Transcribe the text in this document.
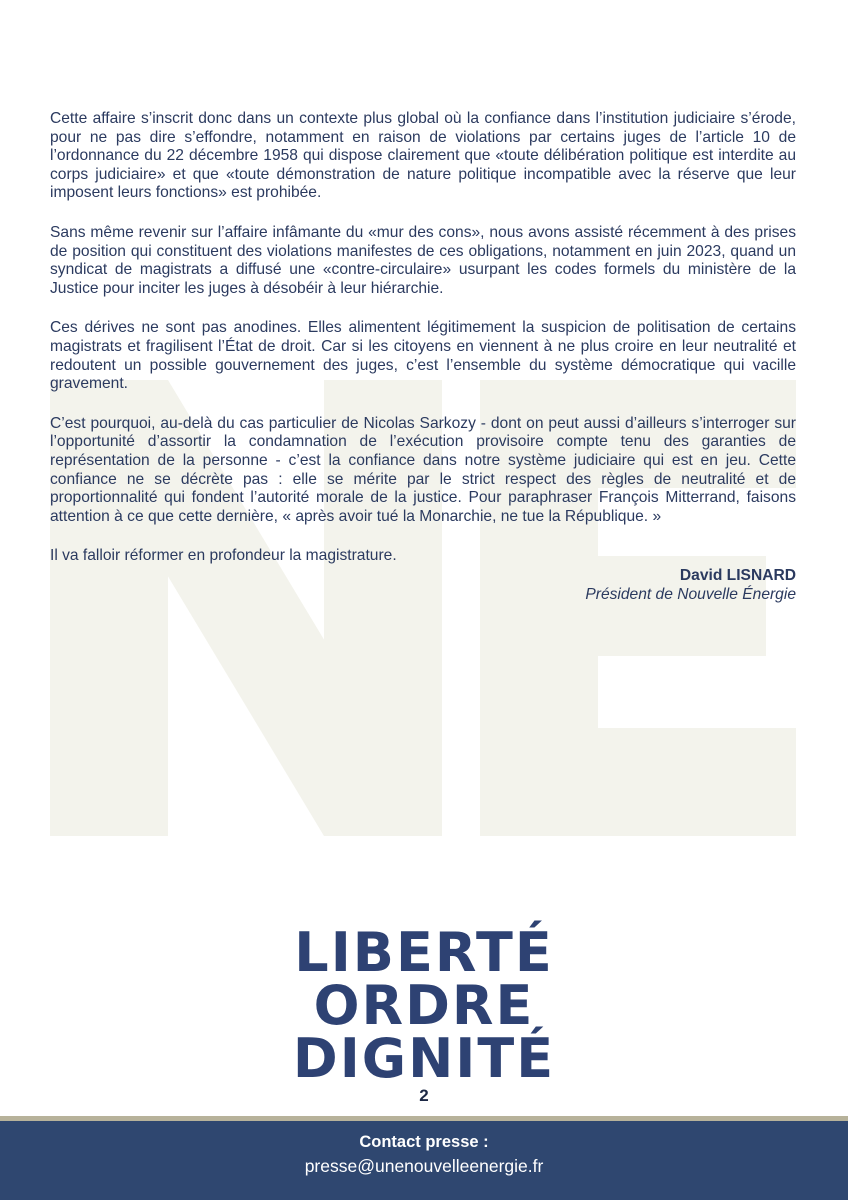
Cette affaire s’inscrit donc dans un contexte plus global où la confiance dans l’institution judiciaire s’érode, pour ne pas dire s’effondre, notamment en raison de violations par certains juges de l’article 10 de l’ordonnance du 22 décembre 1958 qui dispose clairement que «toute délibération politique est interdite au corps judiciaire» et que «toute démonstration de nature politique incompatible avec la réserve que leur imposent leurs fonctions» est prohibée.

Sans même revenir sur l’affaire infâmante du «mur des cons», nous avons assisté récemment à des prises de position qui constituent des violations manifestes de ces obligations, notamment en juin 2023, quand un syndicat de magistrats a diffusé une «contre-circulaire» usurpant les codes formels du ministère de la Justice pour inciter les juges à désobéir à leur hiérarchie.

Ces dérives ne sont pas anodines. Elles alimentent légitimement la suspicion de politisation de certains magistrats et fragilisent l’État de droit. Car si les citoyens en viennent à ne plus croire en leur neutralité et redoutent un possible gouvernement des juges, c’est l’ensemble du système démocratique qui vacille gravement.

C’est pourquoi, au-delà du cas particulier de Nicolas Sarkozy - dont on peut aussi d’ailleurs s’interroger sur l’opportunité d’assortir la condamnation de l’exécution provisoire compte tenu des garanties de représentation de la personne - c’est la confiance dans notre système judiciaire qui est en jeu. Cette confiance ne se décrète pas : elle se mérite par le strict respect des règles de neutralité et de proportionnalité qui fondent l’autorité morale de la justice. Pour paraphraser François Mitterrand, faisons attention à ce que cette dernière, « après avoir tué la Monarchie, ne tue la République. »

Il va falloir réformer en profondeur la magistrature.

David LISNARD
Président de Nouvelle Énergie
LIBERTÉ
ORDRE
DIGNITÉ
2
Contact presse :
presse@unenouvelleenergie.fr
